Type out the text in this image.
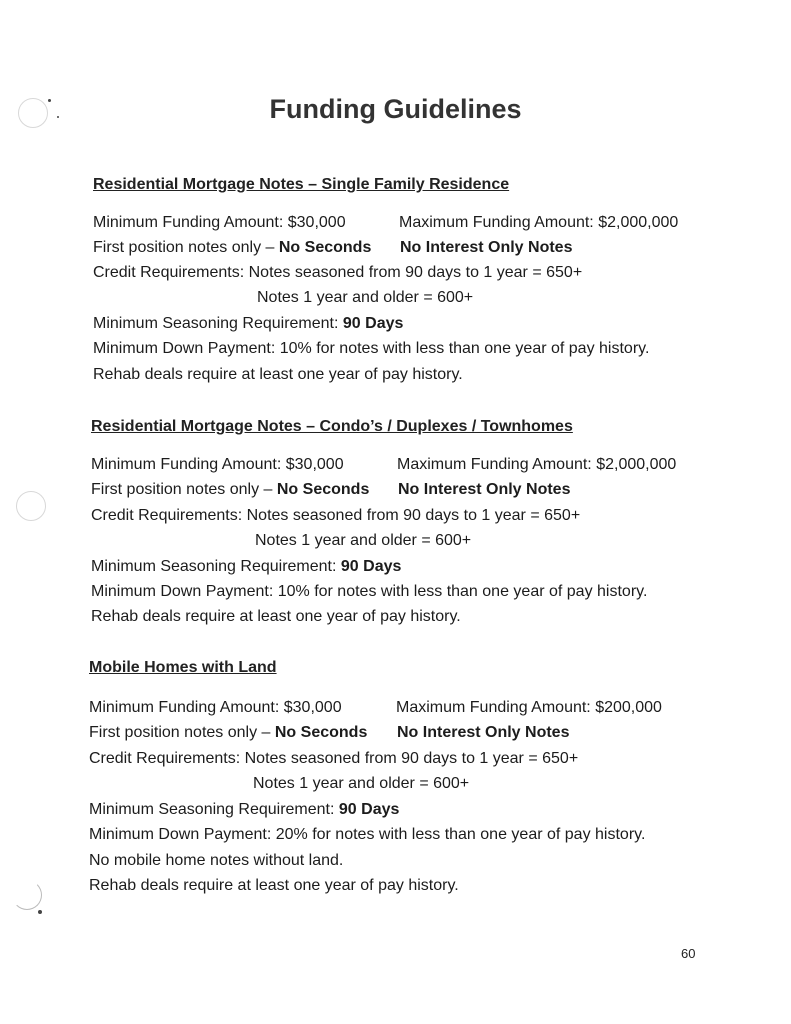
Funding Guidelines
Residential Mortgage Notes – Single Family Residence
Minimum Funding Amount: $30,000	Maximum Funding Amount: $2,000,000
First position notes only – No Seconds No Interest Only Notes
Credit Requirements: Notes seasoned from 90 days to 1 year = 650+
Notes 1 year and older = 600+
Minimum Seasoning Requirement: 90 Days
Minimum Down Payment: 10% for notes with less than one year of pay history.
Rehab deals require at least one year of pay history.
Residential Mortgage Notes – Condo’s / Duplexes / Townhomes
Minimum Funding Amount: $30,000	Maximum Funding Amount: $2,000,000
First position notes only – No Seconds No Interest Only Notes
Credit Requirements: Notes seasoned from 90 days to 1 year = 650+
Notes 1 year and older = 600+
Minimum Seasoning Requirement: 90 Days
Minimum Down Payment: 10% for notes with less than one year of pay history.
Rehab deals require at least one year of pay history.
Mobile Homes with Land
Minimum Funding Amount: $30,000	Maximum Funding Amount: $200,000
First position notes only – No Seconds No Interest Only Notes
Credit Requirements: Notes seasoned from 90 days to 1 year = 650+
Notes 1 year and older = 600+
Minimum Seasoning Requirement: 90 Days
Minimum Down Payment: 20% for notes with less than one year of pay history.
No mobile home notes without land.
Rehab deals require at least one year of pay history.
60
